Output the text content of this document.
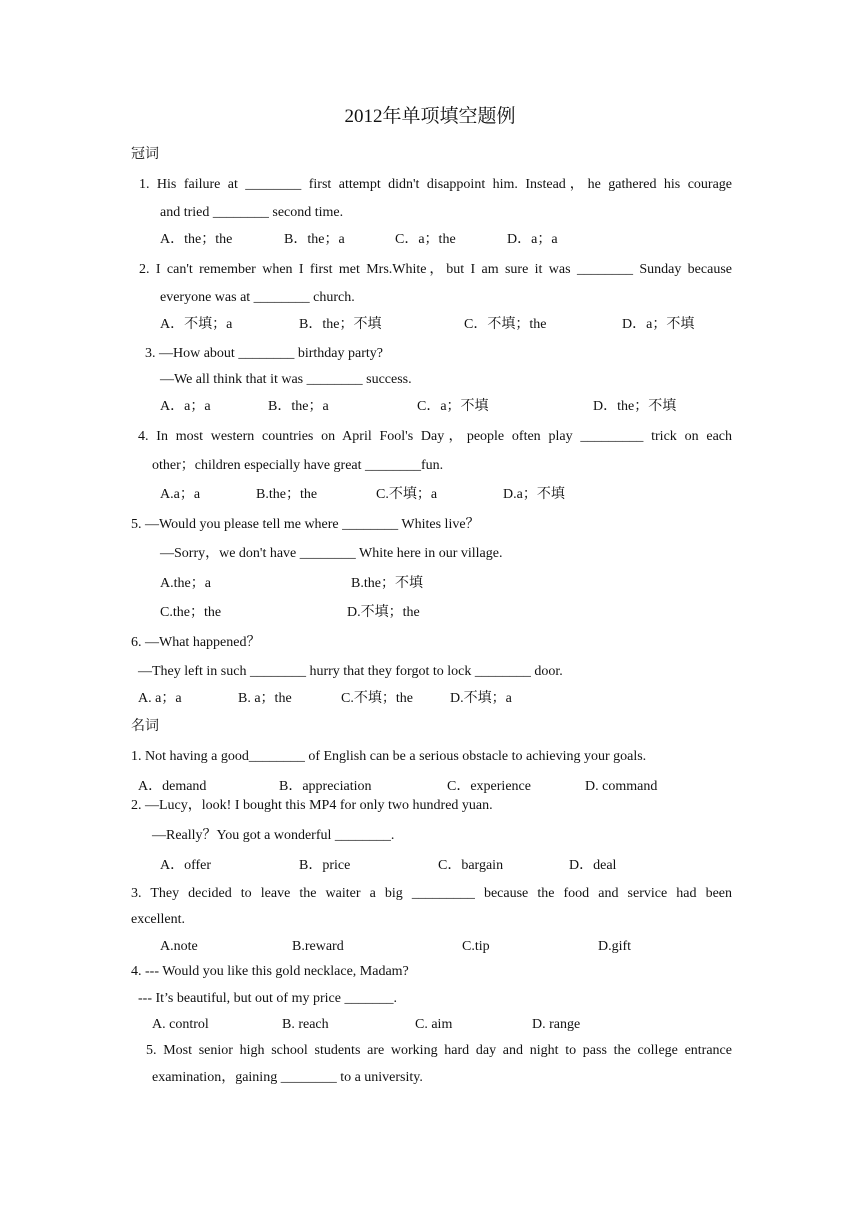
2012年单项填空题例
冠词
1. His failure at ________ first attempt didn't disappoint him. Instead，he gathered his courage
and tried ________ second time.
A．the；the	B．the；a	C．a；the	D．a；a
2. I can't remember when I first met Mrs.White，but I am sure it was ________ Sunday because
everyone was at ________ church.
A．不填；a	B．the；不填	C．不填；the	D．a；不填
3. —How about ________ birthday party?
—We all think that it was ________ success.
A．a；a	B．the；a	C．a；不填	D．the；不填
4. In most western countries on April Fool's Day，people often play _________ trick on each
other；children especially have great ________fun.
A.a；a	B.the；the	C.不填；a	D.a；不填
5. —Would you please tell me where ________ Whites live？
—Sorry，we don't have ________ White here in our village.
A.the；a	B.the；不填
C.the；the	D.不填；the
6. —What happened？
—They left in such ________ hurry that they forgot to lock ________ door.
A. a；a	B. a；the	C.不填；the	D.不填；a
名词
1. Not having a good________ of English can be a serious obstacle to achieving your goals.
A．demand	B．appreciation	C．experience	D. command
2. —Lucy，look! I bought this MP4 for only two hundred yuan.
—Really？You got a wonderful ________.
A．offer	B．price	C．bargain	D．deal
3. They decided to leave the waiter a big _________ because the food and service had been
excellent.
A.note	B.reward	C.tip	D.gift
4. --- Would you like this gold necklace, Madam?
--- It’s beautiful, but out of my price _______.
A. control	B. reach	C. aim	D. range
5. Most senior high school students are working hard day and night to pass the college entrance
examination，gaining ________ to a university.
